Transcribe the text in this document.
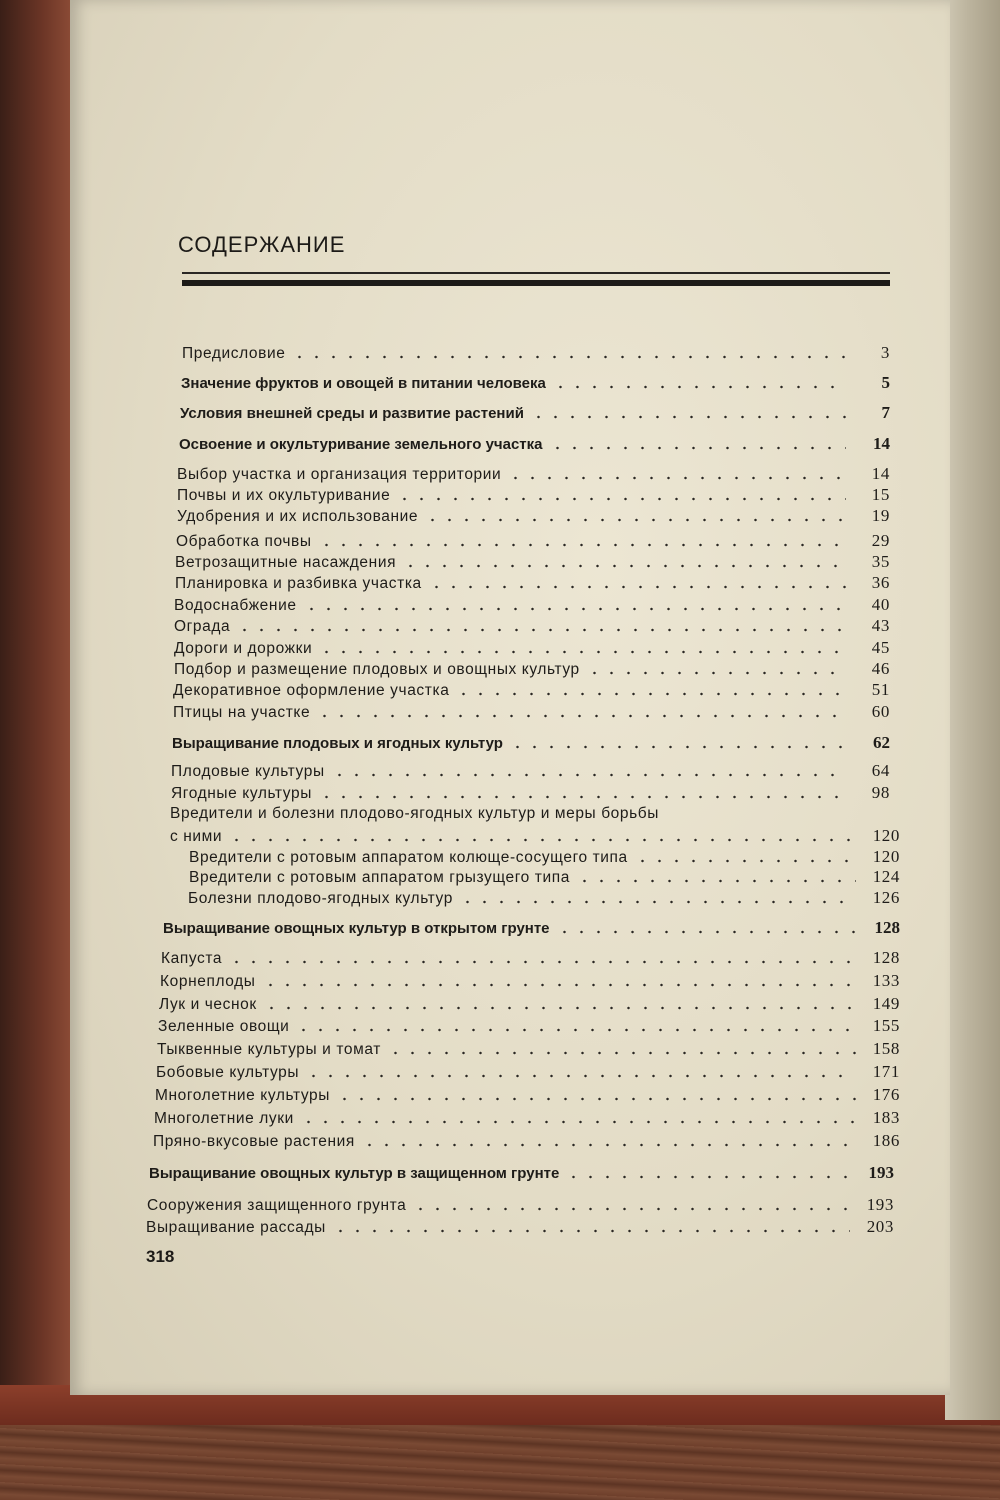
СОДЕРЖАНИЕ
Предисловие	3
Значение фруктов и овощей в питании человека	5
Условия внешней среды и развитие растений	7
Освоение и окультуривание земельного участка	14
Выбор участка и организация территории	14
Почвы и их окультуривание	15
Удобрения и их использование	19
Обработка почвы	29
Ветрозащитные насаждения	35
Планировка и разбивка участка	36
Водоснабжение	40
Ограда	43
Дороги и дорожки	45
Подбор и размещение плодовых и овощных культур	46
Декоративное оформление участка	51
Птицы на участке	60
Выращивание плодовых и ягодных культур	62
Плодовые культуры	64
Ягодные культуры	98
Вредители и болезни плодово-ягодных культур и меры борьбы
с ними	120
Вредители с ротовым аппаратом колюще-сосущего типа	120
Вредители с ротовым аппаратом грызущего типа	124
Болезни плодово-ягодных культур	126
Выращивание овощных культур в открытом грунте	128
Капуста	128
Корнеплоды	133
Лук и чеснок	149
Зеленные овощи	155
Тыквенные культуры и томат	158
Бобовые культуры	171
Многолетние культуры	176
Многолетние луки	183
Пряно-вкусовые растения	186
Выращивание овощных культур в защищенном грунте	193
Сооружения защищенного грунта	193
Выращивание рассады	203

318
